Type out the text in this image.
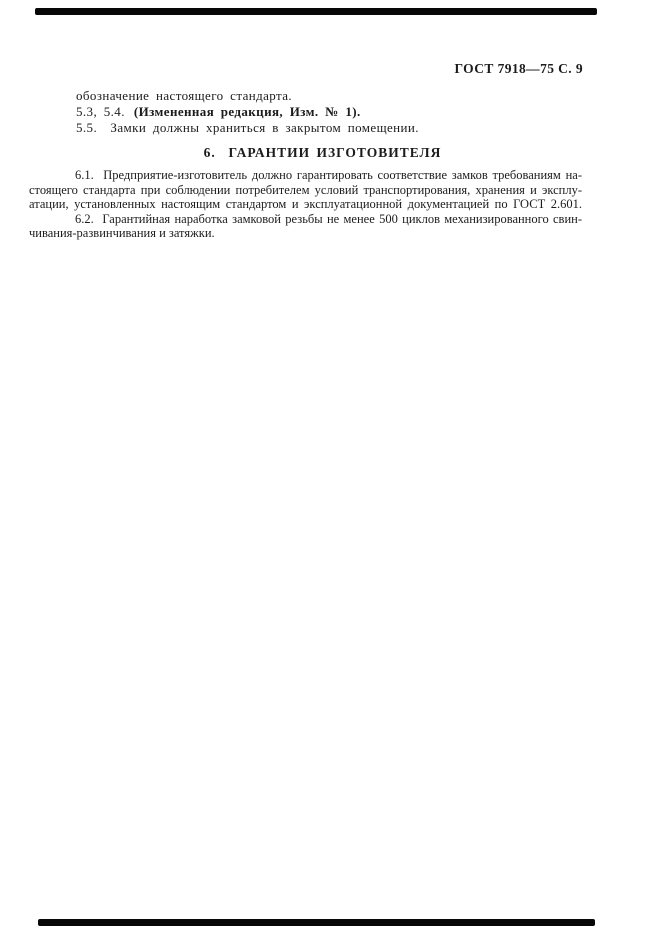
ГОСТ 7918—75 С. 9
обозначение настоящего стандарта.
5.3, 5.4. (Измененная редакция, Изм. № 1).
5.5.  Замки должны храниться в закрытом помещении.
6.  ГАРАНТИИ ИЗГОТОВИТЕЛЯ
6.1.  Предприятие-изготовитель должно гарантировать соответствие замков требованиям на-
стоящего стандарта при соблюдении потребителем условий транспортирования, хранения и эксплу-
атации, установленных настоящим стандартом и эксплуатационной документацией по ГОСТ 2.601.
6.2.  Гарантийная наработка замковой резьбы не менее 500 циклов механизированного свин-
чивания-развинчивания и затяжки.
